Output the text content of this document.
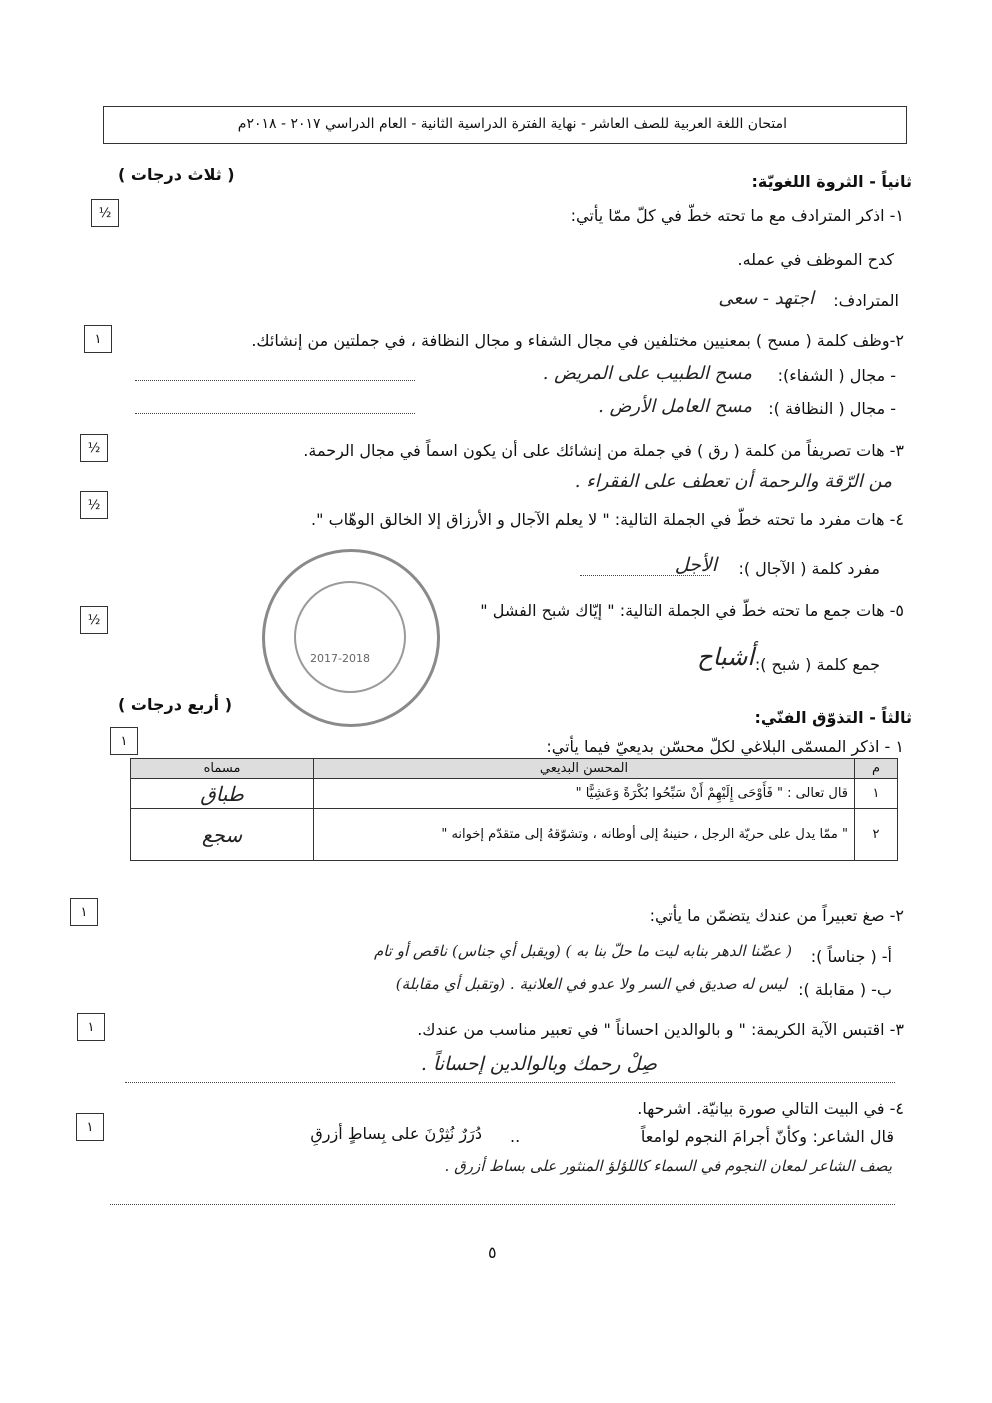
امتحان اللغة العربية للصف العاشر - نهاية الفترة الدراسية الثانية - العام الدراسي ٢٠١٧ - ٢٠١٨م
ثانياً - الثروة اللغويّة:
( ثلاث درجات )
١- اذكر المترادف مع ما تحته خطّ في كلّ ممّا يأتي:
½
كدح الموظف في عمله.
المترادف:
اجتهد - سعى
٢-وظف كلمة ( مسح ) بمعنيين مختلفين في مجال الشفاء و مجال النظافة ، في جملتين من إنشائك.
١
- مجال ( الشفاء):
مسح الطبيب على المريض .
- مجال ( النظافة ):
مسح العامل الأرض .
٣- هات تصريفاً من كلمة ( رق ) في جملة من إنشائك على أن يكون اسماً في مجال الرحمة.
½
من الرّقة والرحمة أن تعطف على الفقراء .
٤- هات مفرد ما تحته خطّ في الجملة التالية: " لا يعلم الآجال و الأرزاق إلا الخالق الوهّاب ".
½
مفرد كلمة ( الآجال ):
الأجل
٥- هات جمع ما تحته خطّ في الجملة التالية: " إيّاك شبح الفشل "
½
جمع كلمة ( شبح ):
أشباح
2017-2018
ثالثاً - التذوّق الفنّي:
( أربع درجات )
١ - اذكر المسمّى البلاغي لكلّ محسّن بديعيّ فيما يأتي:
١
مسماه	المحسن البديعي	م
طباق	قال تعالى : " فَأَوْحَى إِلَيْهِمْ أَنْ سَبِّحُوا بُكْرَةً وَعَشِيًّا "	١
سجع	" ممّا يدل على حريّة الرجل ، حنينهُ إلى أوطانه ، وتشوّقهُ إلى متقدّم إخوانه "	٢
٢- صغ تعبيراً من عندك يتضمّن ما يأتي:
١
أ- ( جناساً ):
( عضّنا الدهر بنابه ليت ما حلّ بنا به ) (ويقبل أي جناس) ناقص أو تام
ب- ( مقابلة ):
ليس له صديق في السر ولا عدو في العلانية . (وتقبل أي مقابلة)
٣- اقتبس الآية الكريمة: " و بالوالدين احساناً " في تعبير مناسب من عندك.
١
صِلْ رحمك وبالوالدين إحساناً .
٤- في البيت التالي صورة بيانيّة. اشرحها.
١	قال الشاعر:
وكأنّ أجرامَ النجوم لوامعاً
..
دُرَرٌ نُثِرْنَ على بِساطٍ أزرقِ
يصف الشاعر لمعان النجوم في السماء كاللؤلؤ المنثور على بساط أزرق .
٥
